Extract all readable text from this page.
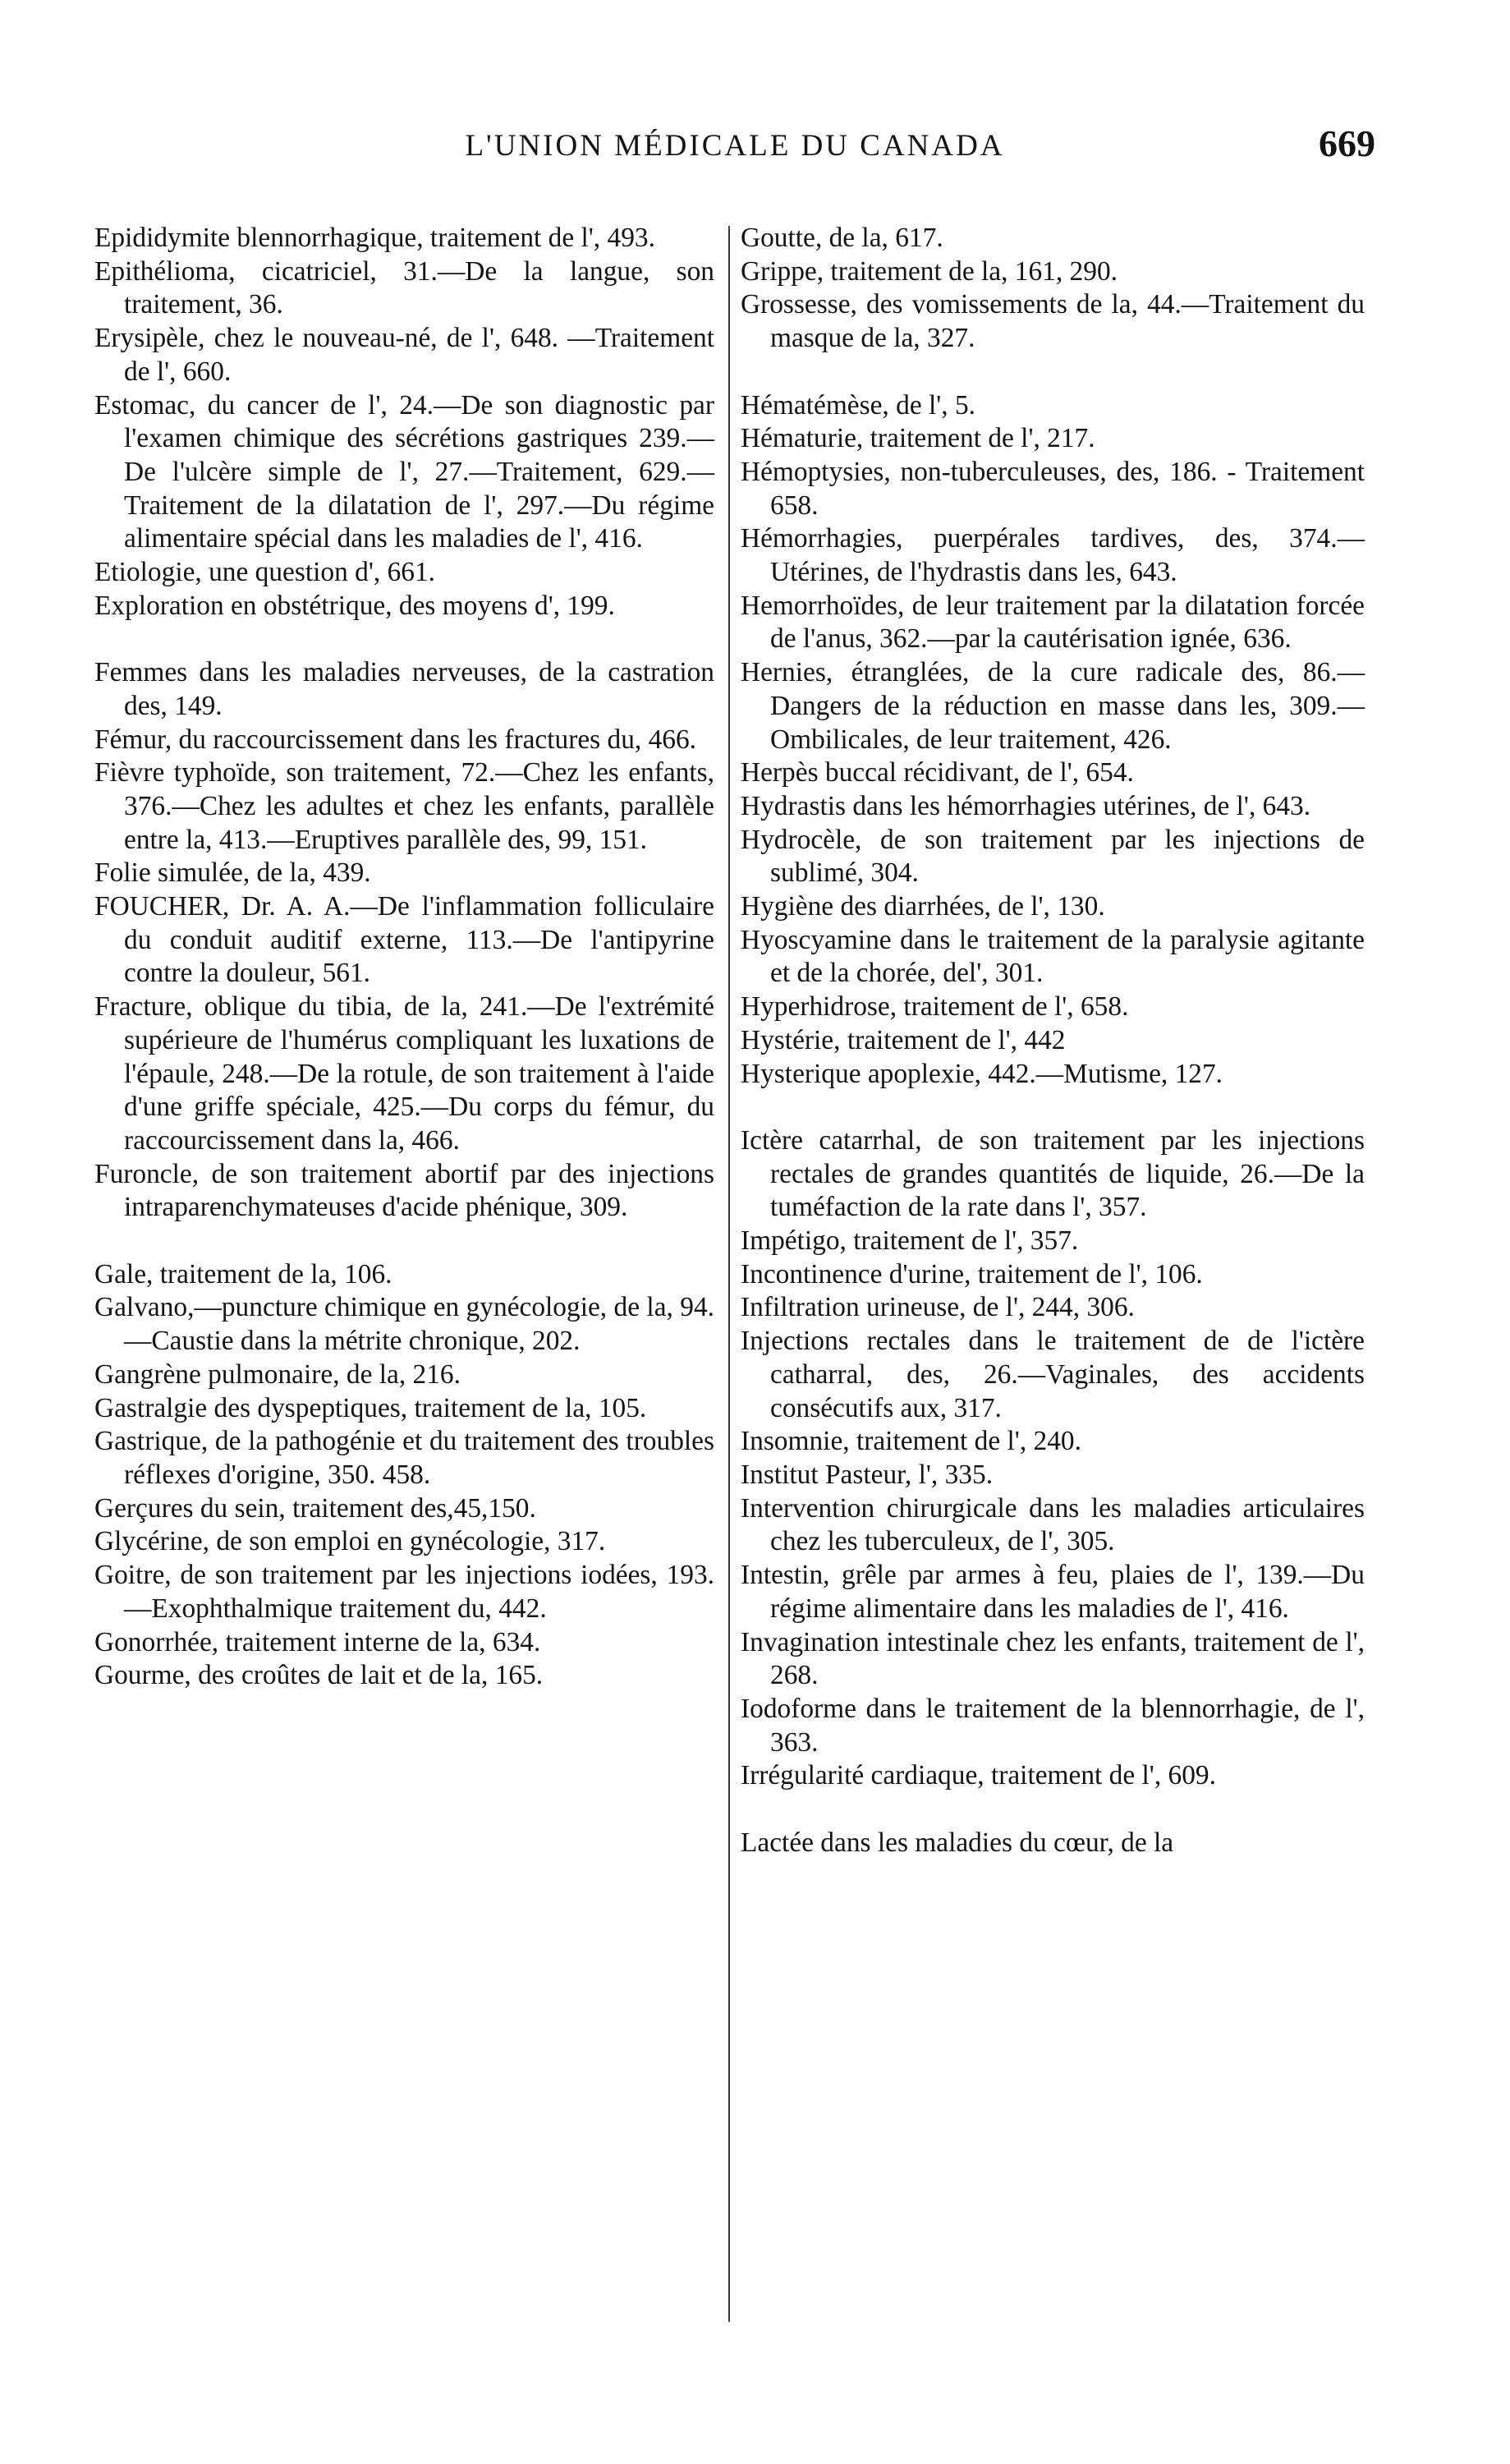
L'UNION MÉDICALE DU CANADA	669

Epididymite blennorrhagique, traitement de l', 493.

Epithélioma, cicatriciel, 31.—De la langue, son traitement, 36.

Erysipèle, chez le nouveau-né, de l', 648. —Traitement de l', 660.

Estomac, du cancer de l', 24.—De son diagnostic par l'examen chimique des sécrétions gastriques 239.—De l'ulcère simple de l', 27.—Traitement, 629.—Traitement de la dilatation de l', 297.—Du régime alimentaire spécial dans les maladies de l', 416.

Etiologie, une question d', 661.

Exploration en obstétrique, des moyens d', 199.

Femmes dans les maladies nerveuses, de la castration des, 149.

Fémur, du raccourcissement dans les fractures du, 466.

Fièvre typhoïde, son traitement, 72.—Chez les enfants, 376.—Chez les adultes et chez les enfants, parallèle entre la, 413.—Eruptives parallèle des, 99, 151.

Folie simulée, de la, 439.

FOUCHER, Dr. A. A.—De l'inflammation folliculaire du conduit auditif externe, 113.—De l'antipyrine contre la douleur, 561.

Fracture, oblique du tibia, de la, 241.—De l'extrémité supérieure de l'humérus compliquant les luxations de l'épaule, 248.—De la rotule, de son traitement à l'aide d'une griffe spéciale, 425.—Du corps du fémur, du raccourcissement dans la, 466.

Furoncle, de son traitement abortif par des injections intraparenchymateuses d'acide phénique, 309.

Gale, traitement de la, 106.

Galvano,—puncture chimique en gynécologie, de la, 94.—Caustie dans la métrite chronique, 202.

Gangrène pulmonaire, de la, 216.

Gastralgie des dyspeptiques, traitement de la, 105.

Gastrique, de la pathogénie et du traitement des troubles réflexes d'origine, 350. 458.

Gerçures du sein, traitement des,45,150.

Glycérine, de son emploi en gynécologie, 317.

Goitre, de son traitement par les injections iodées, 193.—Exophthalmique traitement du, 442.

Gonorrhée, traitement interne de la, 634.

Gourme, des croûtes de lait et de la, 165.

Goutte, de la, 617.

Grippe, traitement de la, 161, 290.

Grossesse, des vomissements de la, 44.—Traitement du masque de la, 327.

Hématémèse, de l', 5.

Hématurie, traitement de l', 217.

Hémoptysies, non-tuberculeuses, des, 186. - Traitement 658.

Hémorrhagies, puerpérales tardives, des, 374.—Utérines, de l'hydrastis dans les, 643.

Hemorrhoïdes, de leur traitement par la dilatation forcée de l'anus, 362.—par la cautérisation ignée, 636.

Hernies, étranglées, de la cure radicale des, 86.—Dangers de la réduction en masse dans les, 309.—Ombilicales, de leur traitement, 426.

Herpès buccal récidivant, de l', 654.

Hydrastis dans les hémorrhagies utérines, de l', 643.

Hydrocèle, de son traitement par les injections de sublimé, 304.

Hygiène des diarrhées, de l', 130.

Hyoscyamine dans le traitement de la paralysie agitante et de la chorée, del', 301.

Hyperhidrose, traitement de l', 658.

Hystérie, traitement de l', 442

Hysterique apoplexie, 442.—Mutisme, 127.

Ictère catarrhal, de son traitement par les injections rectales de grandes quantités de liquide, 26.—De la tuméfaction de la rate dans l', 357.

Impétigo, traitement de l', 357.

Incontinence d'urine, traitement de l', 106.

Infiltration urineuse, de l', 244, 306.

Injections rectales dans le traitement de de l'ictère catharral, des, 26.—Vaginales, des accidents consécutifs aux, 317.

Insomnie, traitement de l', 240.

Institut Pasteur, l', 335.

Intervention chirurgicale dans les maladies articulaires chez les tuberculeux, de l', 305.

Intestin, grêle par armes à feu, plaies de l', 139.—Du régime alimentaire dans les maladies de l', 416.

Invagination intestinale chez les enfants, traitement de l', 268.

Iodoforme dans le traitement de la blennorrhagie, de l', 363.

Irrégularité cardiaque, traitement de l', 609.

Lactée dans les maladies du cœur, de la
